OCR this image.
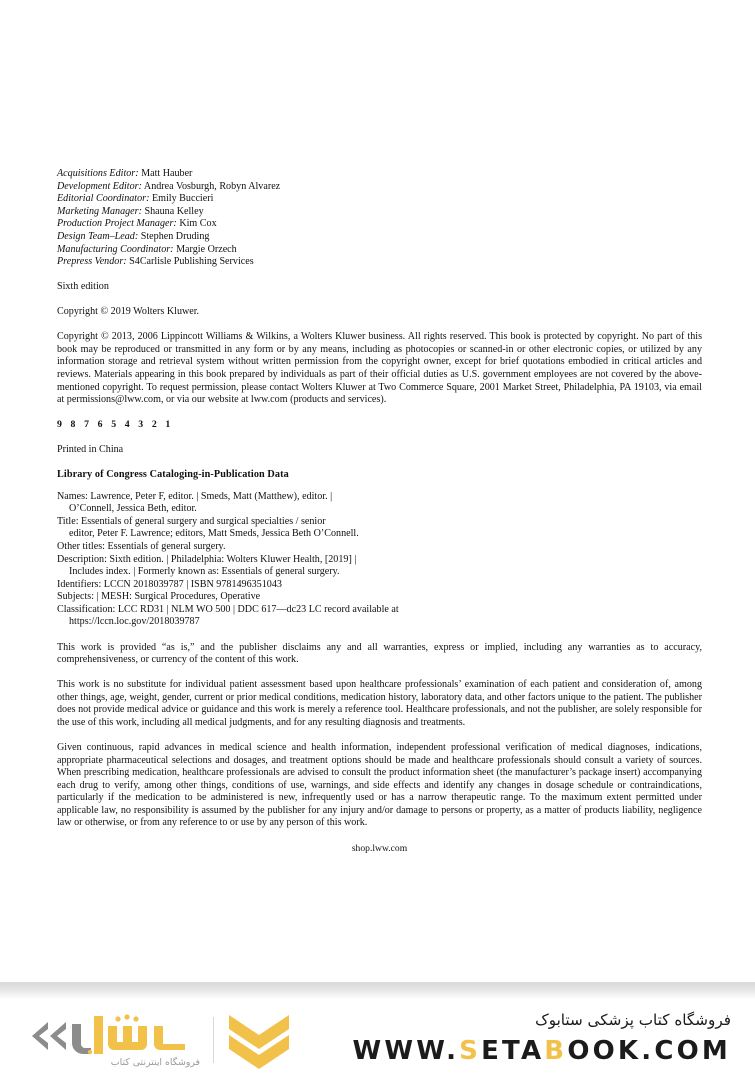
Acquisitions Editor: Matt Hauber
Development Editor: Andrea Vosburgh, Robyn Alvarez
Editorial Coordinator: Emily Buccieri
Marketing Manager: Shauna Kelley
Production Project Manager: Kim Cox
Design Team–Lead: Stephen Druding
Manufacturing Coordinator: Margie Orzech
Prepress Vendor: S4Carlisle Publishing Services

Sixth edition

Copyright © 2019 Wolters Kluwer.

Copyright © 2013, 2006 Lippincott Williams & Wilkins, a Wolters Kluwer business. All rights reserved. This book is protected by copyright. No part of this book may be reproduced or transmitted in any form or by any means, including as photocopies or scanned-in or other electronic copies, or utilized by any information storage and retrieval system without written permission from the copyright owner, except for brief quotations embodied in critical articles and reviews. Materials appearing in this book prepared by individuals as part of their official duties as U.S. government employees are not covered by the above-mentioned copyright. To request permission, please contact Wolters Kluwer at Two Commerce Square, 2001 Market Street, Philadelphia, PA 19103, via email at permissions@lww.com, or via our website at lww.com (products and services).

9 8 7 6 5 4 3 2 1

Printed in China

Library of Congress Cataloging-in-Publication Data

Names: Lawrence, Peter F, editor. | Smeds, Matt (Matthew), editor. |
O’Connell, Jessica Beth, editor.
Title: Essentials of general surgery and surgical specialties / senior
editor, Peter F. Lawrence; editors, Matt Smeds, Jessica Beth O’Connell.
Other titles: Essentials of general surgery.
Description: Sixth edition. | Philadelphia: Wolters Kluwer Health, [2019] |
Includes index. | Formerly known as: Essentials of general surgery.
Identifiers: LCCN 2018039787 | ISBN 9781496351043
Subjects: | MESH: Surgical Procedures, Operative
Classification: LCC RD31 | NLM WO 500 | DDC 617—dc23 LC record available at
https://lccn.loc.gov/2018039787

This work is provided “as is,” and the publisher disclaims any and all warranties, express or implied, including any warranties as to accuracy, comprehensiveness, or currency of the content of this work.

This work is no substitute for individual patient assessment based upon healthcare professionals’ examination of each patient and consideration of, among other things, age, weight, gender, current or prior medical conditions, medication history, laboratory data, and other factors unique to the patient. The publisher does not provide medical advice or guidance and this work is merely a reference tool. Healthcare professionals, and not the publisher, are solely responsible for the use of this work, including all medical judgments, and for any resulting diagnosis and treatments.

Given continuous, rapid advances in medical science and health information, independent professional verification of medical diagnoses, indications, appropriate pharmaceutical selections and dosages, and treatment options should be made and healthcare professionals should consult a variety of sources. When prescribing medication, healthcare professionals are advised to consult the product information sheet (the manufacturer’s package insert) accompanying each drug to verify, among other things, conditions of use, warnings, and side effects and identify any changes in dosage schedule or contraindications, particularly if the medication to be administered is new, infrequently used or has a narrow therapeutic range. To the maximum extent permitted under applicable law, no responsibility is assumed by the publisher for any injury and/or damage to persons or property, as a matter of products liability, negligence law or otherwise, or from any reference to or use by any person of this work.

shop.lww.com

فروشگاه اینترنتی کتاب
فروشگاه کتاب پزشکی ستابوک
WWW.SETABOOK.COM
